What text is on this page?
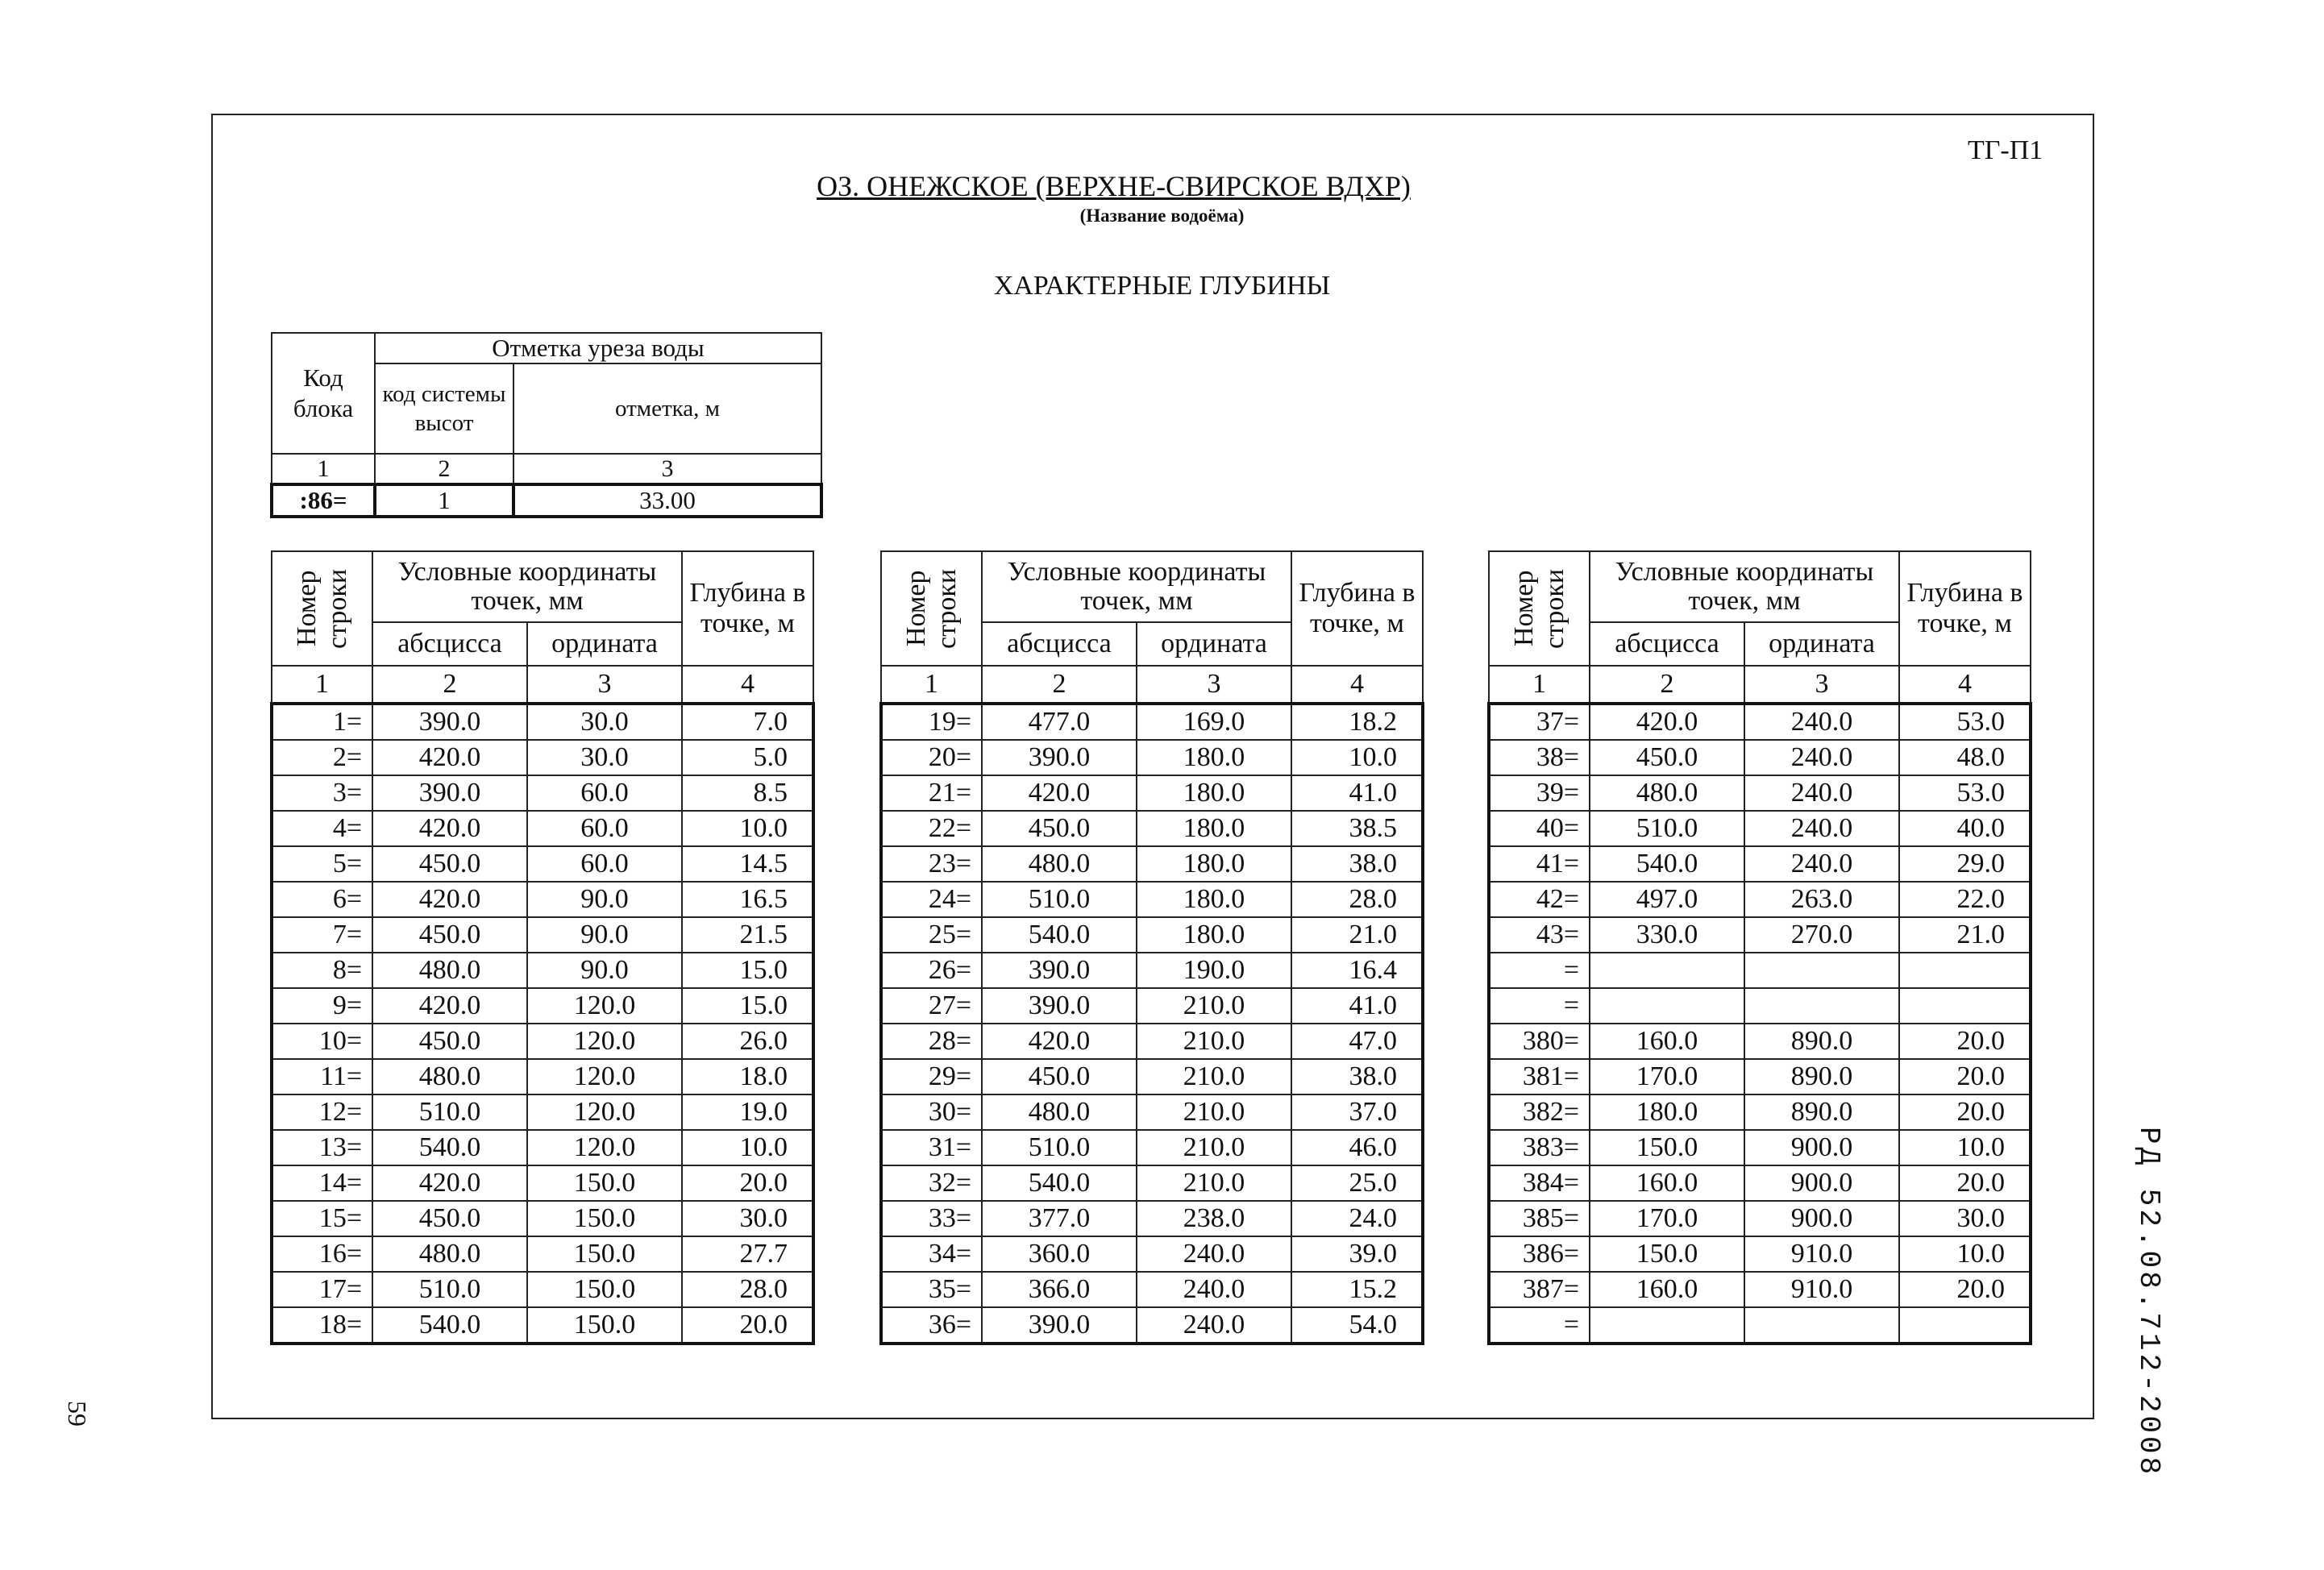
ТГ-П1
ОЗ. ОНЕЖСКОЕ (ВЕРХНЕ-СВИРСКОЕ ВДХР)
(Название водоёма)
ХАРАКТЕРНЫЕ ГЛУБИНЫ
Код блока	Отметка уреза воды	
	код системы высот	отметка, м
1	2	3
:86=	1	33.00
Номер строки	Условные координаты точек, мм		Глубина в точке, м
	абсцисса	ордината	
1	2	3	4
1=	390.0	30.0	7.0
2=	420.0	30.0	5.0
3=	390.0	60.0	8.5
4=	420.0	60.0	10.0
5=	450.0	60.0	14.5
6=	420.0	90.0	16.5
7=	450.0	90.0	21.5
8=	480.0	90.0	15.0
9=	420.0	120.0	15.0
10=	450.0	120.0	26.0
11=	480.0	120.0	18.0
12=	510.0	120.0	19.0
13=	540.0	120.0	10.0
14=	420.0	150.0	20.0
15=	450.0	150.0	30.0
16=	480.0	150.0	27.7
17=	510.0	150.0	28.0
18=	540.0	150.0	20.0
Номер строки	Условные координаты точек, мм		Глубина в точке, м
	абсцисса	ордината	
1	2	3	4
19=	477.0	169.0	18.2
20=	390.0	180.0	10.0
21=	420.0	180.0	41.0
22=	450.0	180.0	38.5
23=	480.0	180.0	38.0
24=	510.0	180.0	28.0
25=	540.0	180.0	21.0
26=	390.0	190.0	16.4
27=	390.0	210.0	41.0
28=	420.0	210.0	47.0
29=	450.0	210.0	38.0
30=	480.0	210.0	37.0
31=	510.0	210.0	46.0
32=	540.0	210.0	25.0
33=	377.0	238.0	24.0
34=	360.0	240.0	39.0
35=	366.0	240.0	15.2
36=	390.0	240.0	54.0
Номер строки	Условные координаты точек, мм		Глубина в точке, м
	абсцисса	ордината	
1	2	3	4
37=	420.0	240.0	53.0
38=	450.0	240.0	48.0
39=	480.0	240.0	53.0
40=	510.0	240.0	40.0
41=	540.0	240.0	29.0
42=	497.0	263.0	22.0
43=	330.0	270.0	21.0
=			
=			
380=	160.0	890.0	20.0
381=	170.0	890.0	20.0
382=	180.0	890.0	20.0
383=	150.0	900.0	10.0
384=	160.0	900.0	20.0
385=	170.0	900.0	30.0
386=	150.0	910.0	10.0
387=	160.0	910.0	20.0
=				РД 52.08.712-2008
59
